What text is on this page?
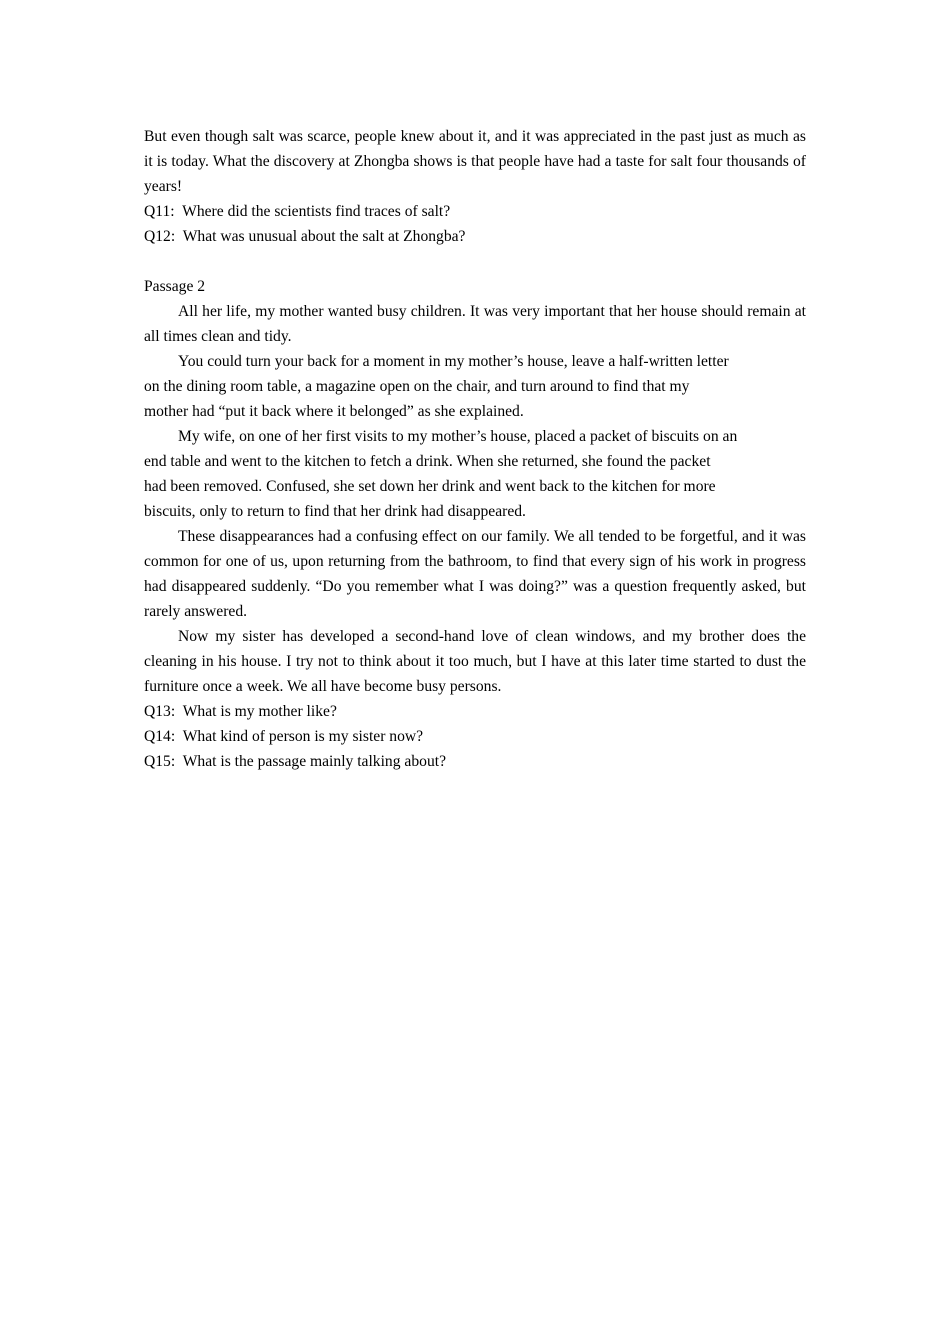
But even though salt was scarce, people knew about it, and it was appreciated in the past just as much as it is today. What the discovery at Zhongba shows is that people have had a taste for salt four thousands of years!

Q11:  Where did the scientists find traces of salt?

Q12:  What was unusual about the salt at Zhongba?

Passage 2

All her life, my mother wanted busy children. It was very important that her house should remain at all times clean and tidy.

You could turn your back for a moment in my mother’s house, leave a half-written letter
on the dining room table, a magazine open on the chair, and turn around to find that my
mother had “put it back where it belonged” as she explained.
My wife, on one of her first visits to my mother’s house, placed a packet of biscuits on an
end table and went to the kitchen to fetch a drink. When she returned, she found the packet
had been removed. Confused, she set down her drink and went back to the kitchen for more
biscuits, only to return to find that her drink had disappeared.

These disappearances had a confusing effect on our family. We all tended to be forgetful, and it was common for one of us, upon returning from the bathroom, to find that every sign of his work in progress had disappeared suddenly. “Do you remember what I was doing?” was a question frequently asked, but rarely answered.

Now my sister has developed a second-hand love of clean windows, and my brother does the cleaning in his house. I try not to think about it too much, but I have at this later time started to dust the furniture once a week. We all have become busy persons.

Q13:  What is my mother like?

Q14:  What kind of person is my sister now?

Q15:  What is the passage mainly talking about?
